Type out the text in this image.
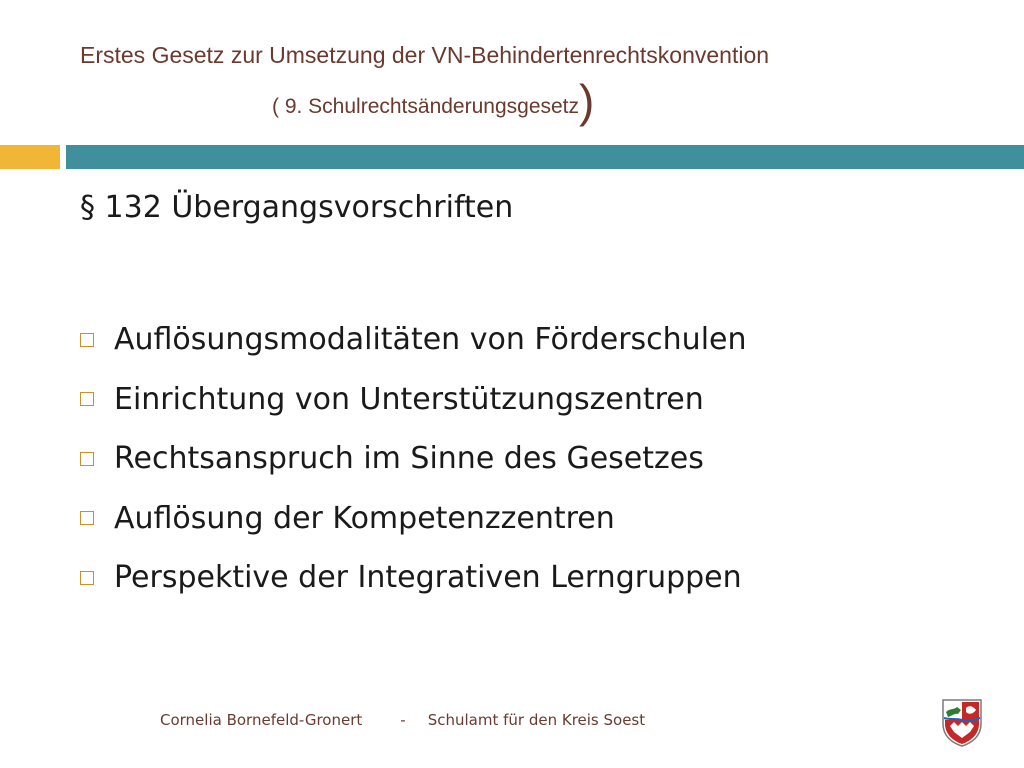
Erstes Gesetz zur Umsetzung der VN-Behindertenrechtskonvention
( 9. Schulrechtsänderungsgesetz)
§ 132 Übergangsvorschriften
Auflösungsmodalitäten von Förderschulen
Einrichtung von Unterstützungszentren
Rechtsanspruch im Sinne des Gesetzes
Auflösung der Kompetenzzentren
Perspektive der Integrativen Lerngruppen
Cornelia Bornefeld-Gronert	- Schulamt für den Kreis Soest
